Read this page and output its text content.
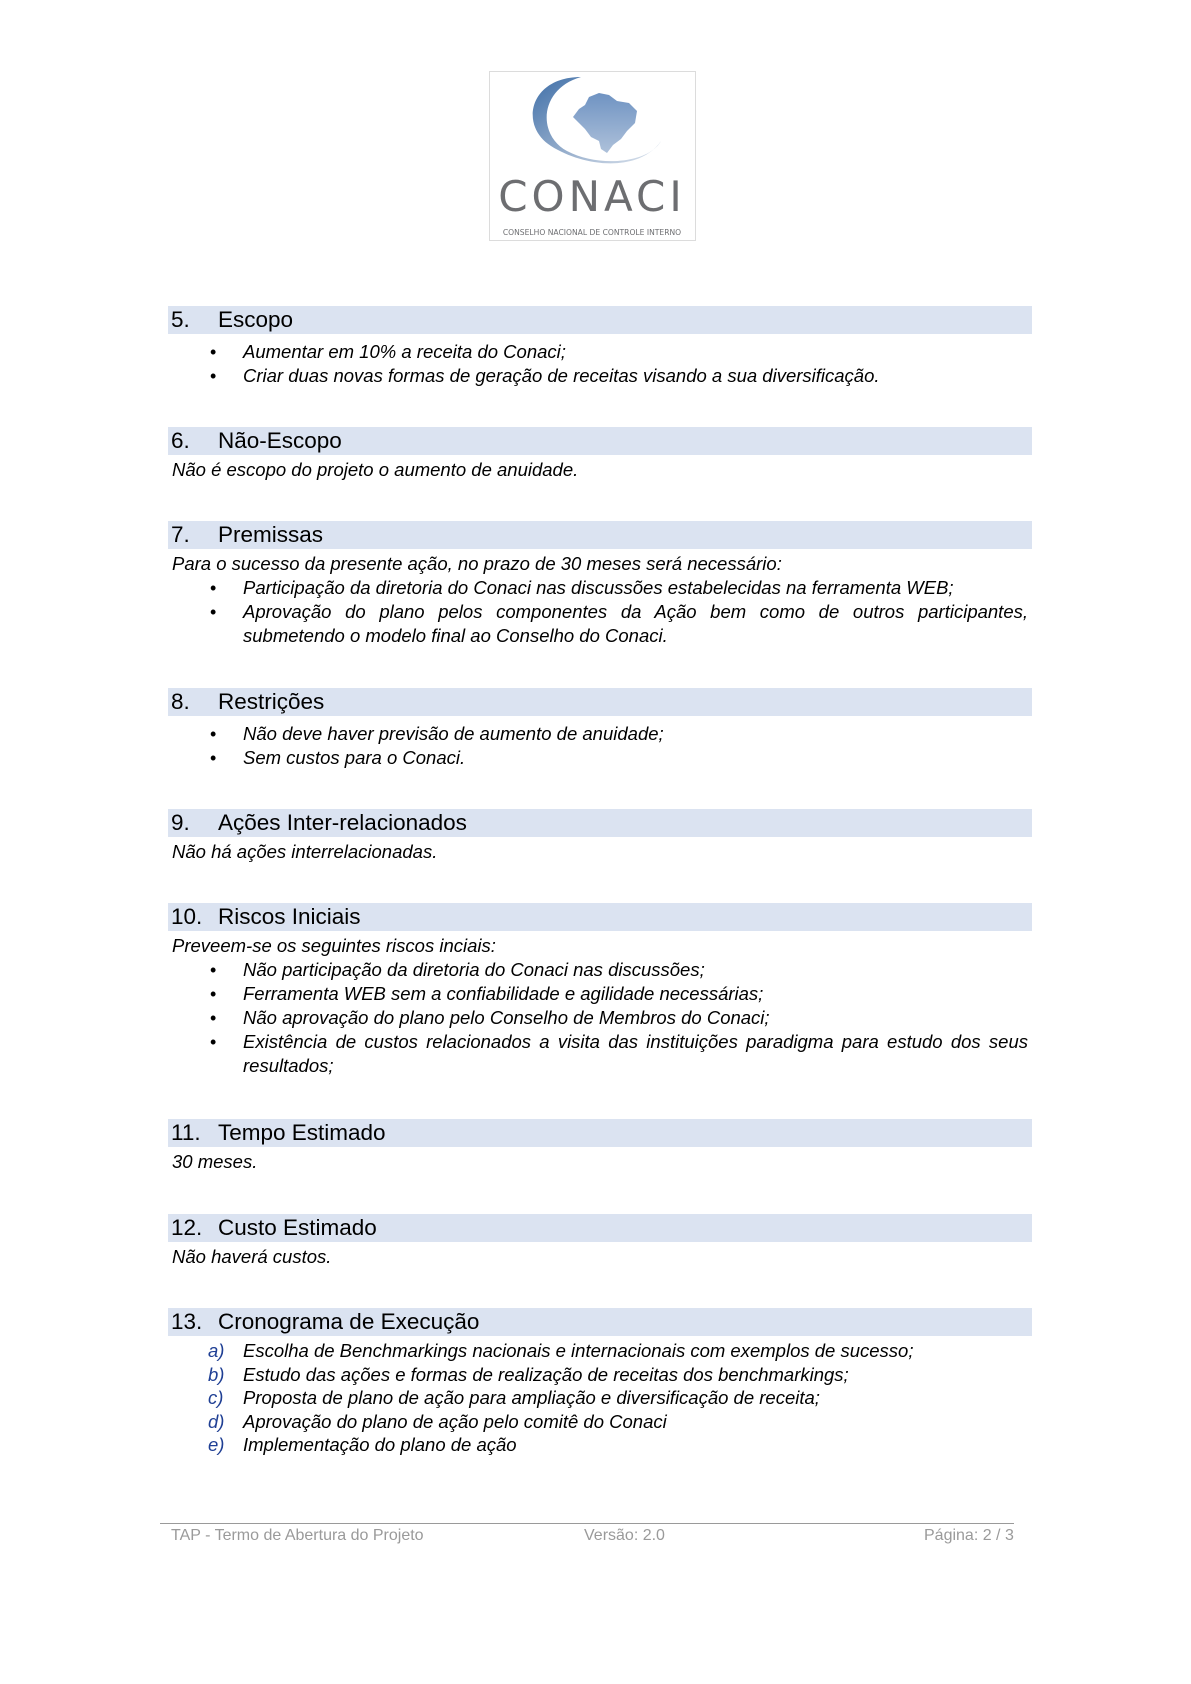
CONACI
CONSELHO NACIONAL DE CONTROLE INTERNO
5.	Escopo
• Aumentar em 10% a receita do Conaci;
• Criar duas novas formas de geração de receitas visando a sua diversificação.
6.	Não-Escopo
Não é escopo do projeto o aumento de anuidade.
7.	Premissas
Para o sucesso da presente ação, no prazo de 30 meses será necessário:
• Participação da diretoria do Conaci nas discussões estabelecidas na ferramenta WEB;
• Aprovação do plano pelos componentes da Ação bem como de outros participantes, submetendo o modelo final ao Conselho do Conaci.
8.	Restrições
• Não deve haver previsão de aumento de anuidade;
• Sem custos para o Conaci.
9.	Ações Inter-relacionados
Não há ações interrelacionadas.
10. Riscos Iniciais
Preveem-se os seguintes riscos inciais:
• Não participação da diretoria do Conaci nas discussões;
• Ferramenta WEB sem a confiabilidade e agilidade necessárias;
• Não aprovação do plano pelo Conselho de Membros do Conaci;
• Existência de custos relacionados a visita das instituições paradigma para estudo dos seus resultados;
11. Tempo Estimado
30 meses.
12. Custo Estimado
Não haverá custos.
13. Cronograma de Execução
a) Escolha de Benchmarkings nacionais e internacionais com exemplos de sucesso;
b) Estudo das ações e formas de realização de receitas dos benchmarkings;
c) Proposta de plano de ação para ampliação e diversificação de receita;
d) Aprovação do plano de ação pelo comitê do Conaci
e) Implementação do plano de ação
TAP - Termo de Abertura do Projeto	Versão: 2.0	Página: 2 / 3
